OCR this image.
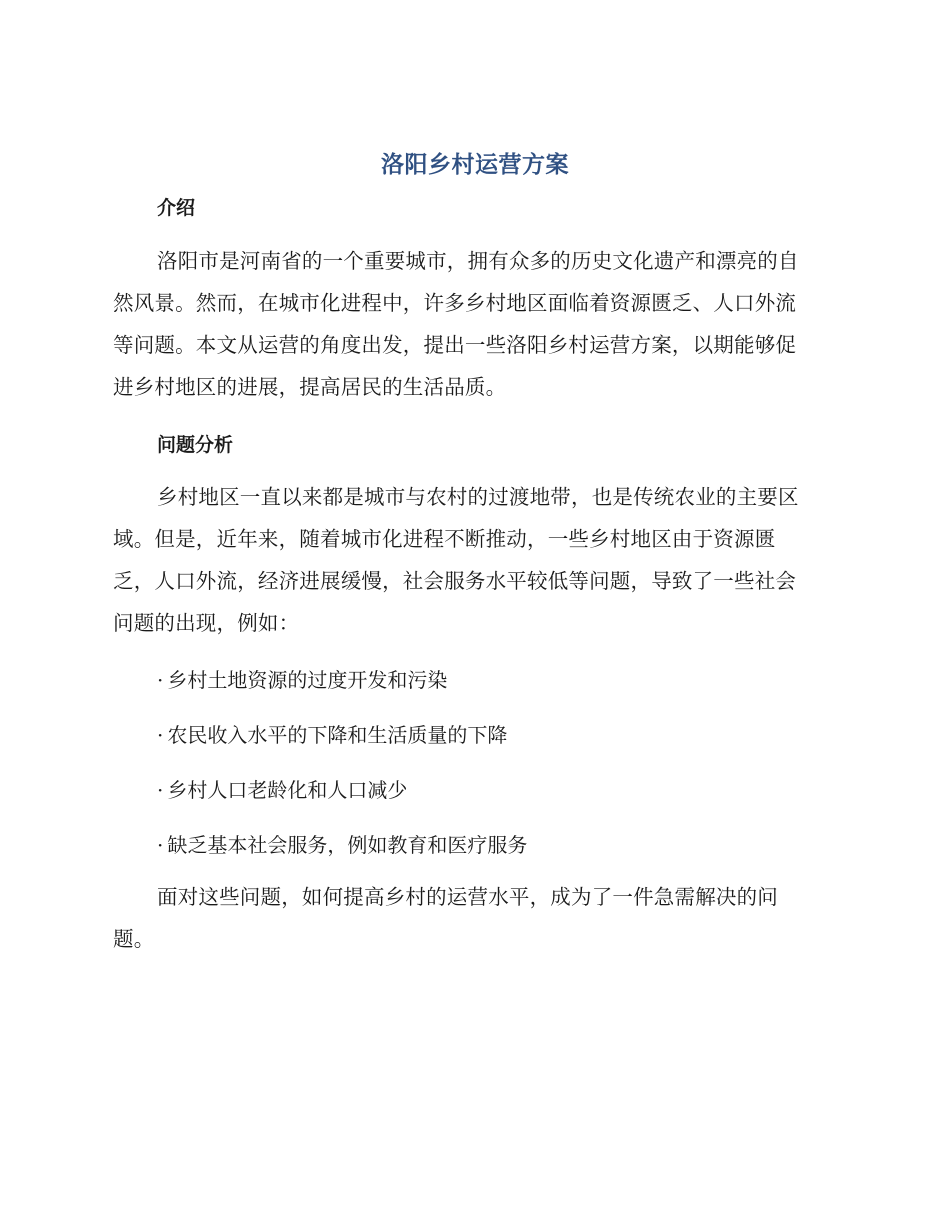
洛阳乡村运营方案
介绍
洛阳市是河南省的一个重要城市，拥有众多的历史文化遗产和漂亮的自
然风景。然而，在城市化进程中，许多乡村地区面临着资源匮乏、人口外流
等问题。本文从运营的角度出发，提出一些洛阳乡村运营方案，以期能够促
进乡村地区的进展，提高居民的生活品质。
问题分析
乡村地区一直以来都是城市与农村的过渡地带，也是传统农业的主要区
域。但是，近年来，随着城市化进程不断推动，一些乡村地区由于资源匮
乏，人口外流，经济进展缓慢，社会服务水平较低等问题，导致了一些社会
问题的出现，例如：
· 乡村土地资源的过度开发和污染
· 农民收入水平的下降和生活质量的下降
· 乡村人口老龄化和人口减少
· 缺乏基本社会服务，例如教育和医疗服务
面对这些问题，如何提高乡村的运营水平，成为了一件急需解决的问
题。
